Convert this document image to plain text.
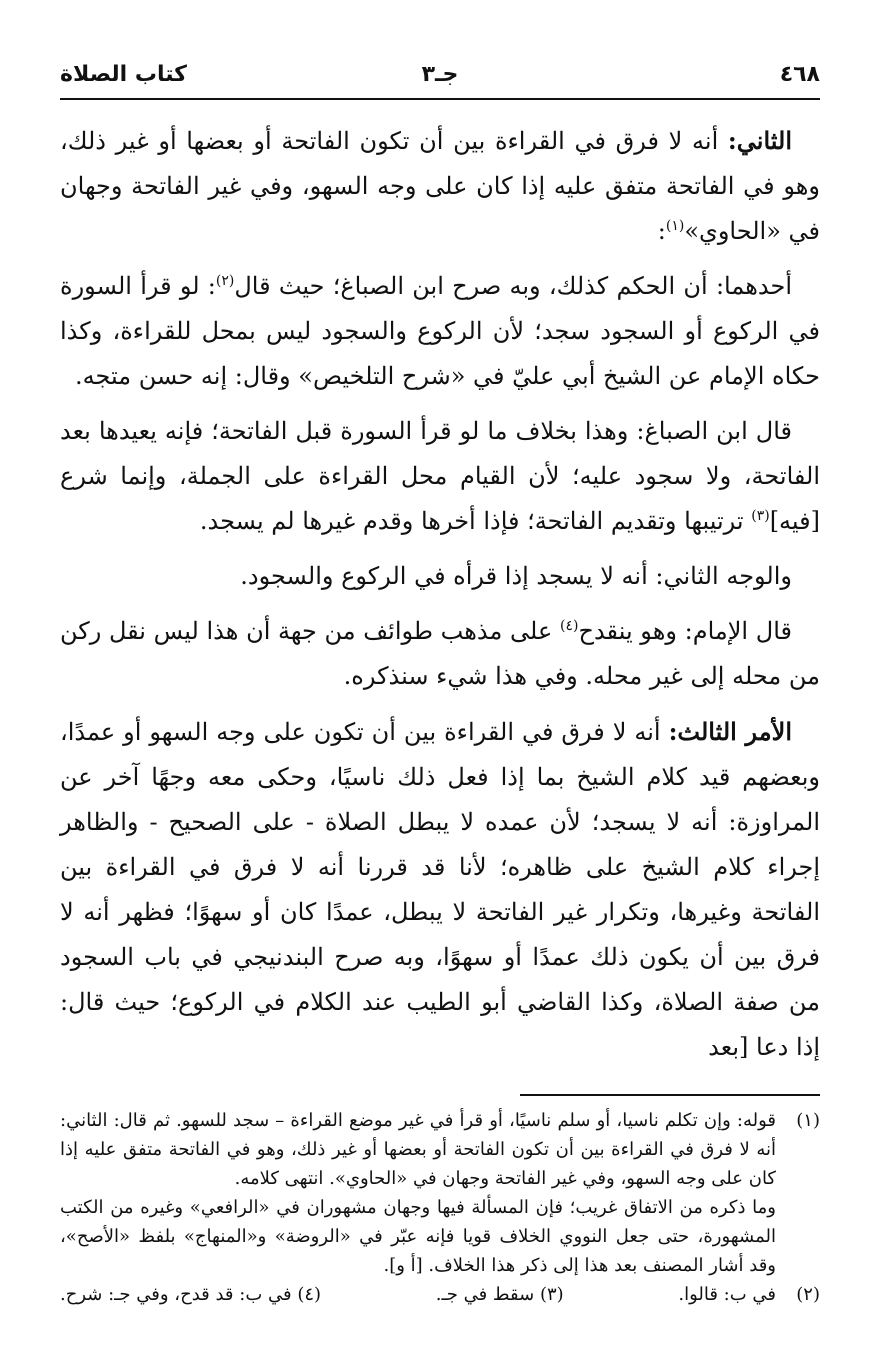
٤٦٨
جـ٣
كتاب الصلاة

الثاني: أنه لا فرق في القراءة بين أن تكون الفاتحة أو بعضها أو غير ذلك، وهو في الفاتحة متفق عليه إذا كان على وجه السهو، وفي غير الفاتحة وجهان في «الحاوي»$^{(١)}$:

أحدهما: أن الحكم كذلك، وبه صرح ابن الصباغ؛ حيث قال$^{(٢)}$: لو قرأ السورة في الركوع أو السجود سجد؛ لأن الركوع والسجود ليس بمحل للقراءة، وكذا حكاه الإمام عن الشيخ أبي عليّ في «شرح التلخيص» وقال: إنه حسن متجه.

قال ابن الصباغ: وهذا بخلاف ما لو قرأ السورة قبل الفاتحة؛ فإنه يعيدها بعد الفاتحة، ولا سجود عليه؛ لأن القيام محل القراءة على الجملة، وإنما شرع [فيه]$^{(٣)}$ ترتيبها وتقديم الفاتحة؛ فإذا أخرها وقدم غيرها لم يسجد.

والوجه الثاني: أنه لا يسجد إذا قرأه في الركوع والسجود.

قال الإمام: وهو ينقدح$^{(٤)}$ على مذهب طوائف من جهة أن هذا ليس نقل ركن من محله إلى غير محله. وفي هذا شيء سنذكره.

الأمر الثالث: أنه لا فرق في القراءة بين أن تكون على وجه السهو أو عمدًا، وبعضهم قيد كلام الشيخ بما إذا فعل ذلك ناسيًا، وحكى معه وجهًا آخر عن المراوزة: أنه لا يسجد؛ لأن عمده لا يبطل الصلاة - على الصحيح - والظاهر إجراء كلام الشيخ على ظاهره؛ لأنا قد قررنا أنه لا فرق في القراءة بين الفاتحة وغيرها، وتكرار غير الفاتحة لا يبطل، عمدًا كان أو سهوًا؛ فظهر أنه لا فرق بين أن يكون ذلك عمدًا أو سهوًا، وبه صرح البندنيجي في باب السجود من صفة الصلاة، وكذا القاضي أبو الطيب عند الكلام في الركوع؛ حيث قال: إذا دعا [بعد

(١)
قوله: وإن تكلم ناسيا، أو سلم ناسيًا، أو قرأ في غير موضع القراءة – سجد للسهو. ثم قال: الثاني: أنه لا فرق في القراءة بين أن تكون الفاتحة أو بعضها أو غير ذلك، وهو في الفاتحة متفق عليه إذا كان على وجه السهو، وفي غير الفاتحة وجهان في «الحاوي». انتهى كلامه.
وما ذكره من الاتفاق غريب؛ فإن المسألة فيها وجهان مشهوران في «الرافعي» وغيره من الكتب المشهورة، حتى جعل النووي الخلاف قويا فإنه عبّر في «الروضة» و«المنهاج» بلفظ «الأصح»، وقد أشار المصنف بعد هذا إلى ذكر هذا الخلاف. [أ و].
(٢)
في ب: قالوا.
(٣) سقط في جـ.
(٤) في ب: قد قدح، وفي جـ: شرح.
